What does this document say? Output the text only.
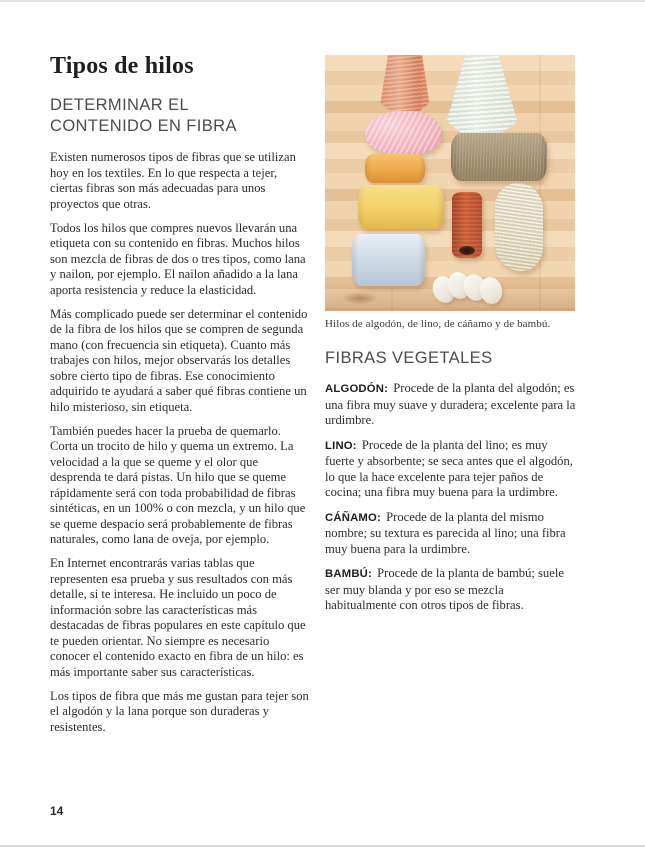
Tipos de hilos
DETERMINAR EL CONTENIDO EN FIBRA

Existen numerosos tipos de fibras que se utilizan hoy en los textiles. En lo que respecta a tejer, ciertas fibras son más adecuadas para unos proyectos que otras.

Todos los hilos que compres nuevos llevarán una etiqueta con su contenido en fibras. Muchos hilos son mezcla de fibras de dos o tres tipos, como lana y nailon, por ejemplo. El nailon añadido a la lana aporta resistencia y reduce la elasticidad.

Más complicado puede ser determinar el contenido de la fibra de los hilos que se compren de segunda mano (con frecuencia sin etiqueta). Cuanto más trabajes con hilos, mejor observarás los detalles sobre cierto tipo de fibras. Ese conocimiento adquirido te ayudará a saber qué fibras contiene un hilo misterioso, sin etiqueta.

También puedes hacer la prueba de quemarlo. Corta un trocito de hilo y quema un extremo. La velocidad a la que se queme y el olor que desprenda te dará pistas. Un hilo que se queme rápidamente será con toda probabilidad de fibras sintéticas, en un 100% o con mezcla, y un hilo que se queme despacio será probablemente de fibras naturales, como lana de oveja, por ejemplo.

En Internet encontrarás varias tablas que representen esa prueba y sus resultados con más detalle, si te interesa. He incluido un poco de información sobre las características más destacadas de fibras populares en este capítulo que te pueden orientar. No siempre es necesario conocer el contenido exacto en fibra de un hilo: es más importante saber sus características.

Los tipos de fibra que más me gustan para tejer son el algodón y la lana porque son duraderas y resistentes.

Hilos de algodón, de lino, de cáñamo y de bambú.
FIBRAS VEGETALES

ALGODÓN: Procede de la planta del algodón; es una fibra muy suave y duradera; excelente para la urdimbre.

LINO: Procede de la planta del lino; es muy fuerte y absorbente; se seca antes que el algodón, lo que la hace excelente para tejer paños de cocina; una fibra muy buena para la urdimbre.

CÁÑAMO: Procede de la planta del mismo nombre; su textura es parecida al lino; una fibra muy buena para la urdimbre.

BAMBÚ: Procede de la planta de bambú; suele ser muy blanda y por eso se mezcla habitualmente con otros tipos de fibras.

14
